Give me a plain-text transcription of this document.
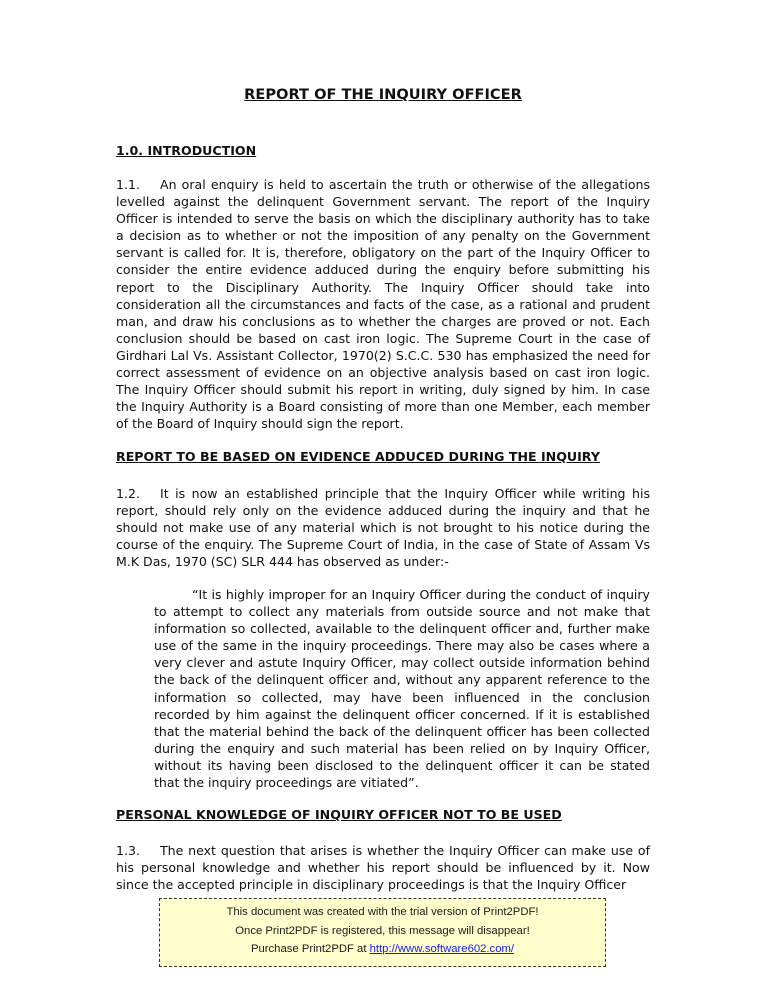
REPORT OF THE INQUIRY OFFICER
1.0. INTRODUCTION

1.1. An oral enquiry is held to ascertain the truth or otherwise of the allegations levelled against the delinquent Government servant. The report of the Inquiry Officer is intended to serve the basis on which the disciplinary authority has to take a decision as to whether or not the imposition of any penalty on the Government servant is called for. It is, therefore, obligatory on the part of the Inquiry Officer to consider the entire evidence adduced during the enquiry before submitting his report to the Disciplinary Authority. The Inquiry Officer should take into consideration all the circumstances and facts of the case, as a rational and prudent man, and draw his conclusions as to whether the charges are proved or not. Each conclusion should be based on cast iron logic. The Supreme Court in the case of Girdhari Lal Vs. Assistant Collector, 1970(2) S.C.C. 530 has emphasized the need for correct assessment of evidence on an objective analysis based on cast iron logic. The Inquiry Officer should submit his report in writing, duly signed by him. In case the Inquiry Authority is a Board consisting of more than one Member, each member of the Board of Inquiry should sign the report.

REPORT TO BE BASED ON EVIDENCE ADDUCED DURING THE INQUIRY

1.2. It is now an established principle that the Inquiry Officer while writing his report, should rely only on the evidence adduced during the inquiry and that he should not make use of any material which is not brought to his notice during the course of the enquiry. The Supreme Court of India, in the case of State of Assam Vs M.K Das, 1970 (SC) SLR 444 has observed as under:-

“It is highly improper for an Inquiry Officer during the conduct of inquiry to attempt to collect any materials from outside source and not make that information so collected, available to the delinquent officer and, further make use of the same in the inquiry proceedings. There may also be cases where a very clever and astute Inquiry Officer, may collect outside information behind the back of the delinquent officer and, without any apparent reference to the information so collected, may have been influenced in the conclusion recorded by him against the delinquent officer concerned. If it is established that the material behind the back of the delinquent officer has been collected during the enquiry and such material has been relied on by Inquiry Officer, without its having been disclosed to the delinquent officer it can be stated that the inquiry proceedings are vitiated”.

PERSONAL KNOWLEDGE OF INQUIRY OFFICER NOT TO BE USED

1.3. The next question that arises is whether the Inquiry Officer can make use of his personal knowledge and whether his report should be influenced by it. Now since the accepted principle in disciplinary proceedings is that the Inquiry Officer

This document was created with the trial version of Print2PDF!
Once Print2PDF is registered, this message will disappear!
Purchase Print2PDF at http://www.software602.com/
